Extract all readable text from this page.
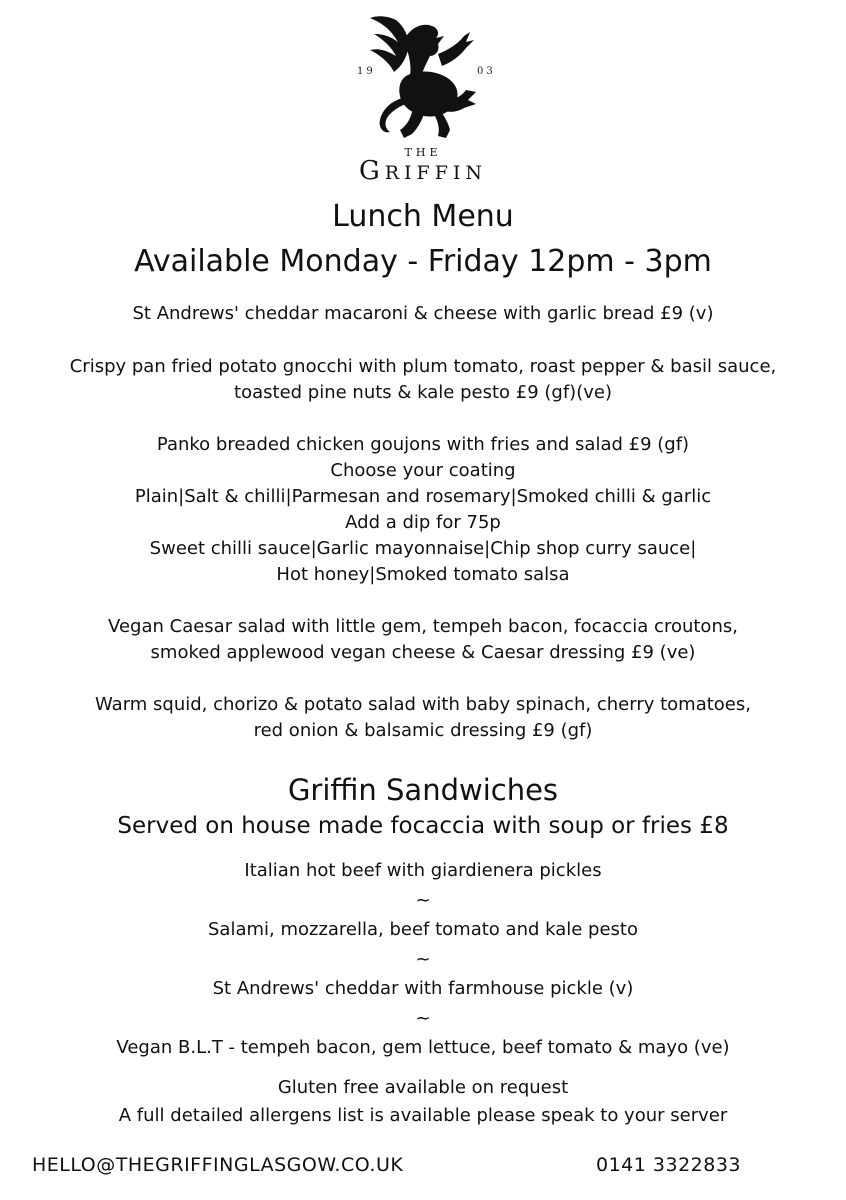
19	03
THE
GRIFFIN
Lunch Menu
Available Monday - Friday 12pm - 3pm
St Andrews' cheddar macaroni & cheese with garlic bread £9 (v)
Crispy pan fried potato gnocchi with plum tomato, roast pepper & basil sauce,
toasted pine nuts & kale pesto £9 (gf)(ve)
Panko breaded chicken goujons with fries and salad £9 (gf)
Choose your coating
Plain|Salt & chilli|Parmesan and rosemary|Smoked chilli & garlic
Add a dip for 75p
Sweet chilli sauce|Garlic mayonnaise|Chip shop curry sauce|
Hot honey|Smoked tomato salsa
Vegan Caesar salad with little gem, tempeh bacon, focaccia croutons,
smoked applewood vegan cheese & Caesar dressing £9 (ve)
Warm squid, chorizo & potato salad with baby spinach, cherry tomatoes,
red onion & balsamic dressing £9 (gf)
Griffin Sandwiches
Served on house made focaccia with soup or fries £8
Italian hot beef with giardienera pickles
~
Salami, mozzarella, beef tomato and kale pesto
~
St Andrews' cheddar with farmhouse pickle (v)
~
Vegan B.L.T - tempeh bacon, gem lettuce, beef tomato & mayo (ve)
Gluten free available on request
A full detailed allergens list is available please speak to your server
HELLO@THEGRIFFINGLASGOW.CO.UK	0141 3322833
